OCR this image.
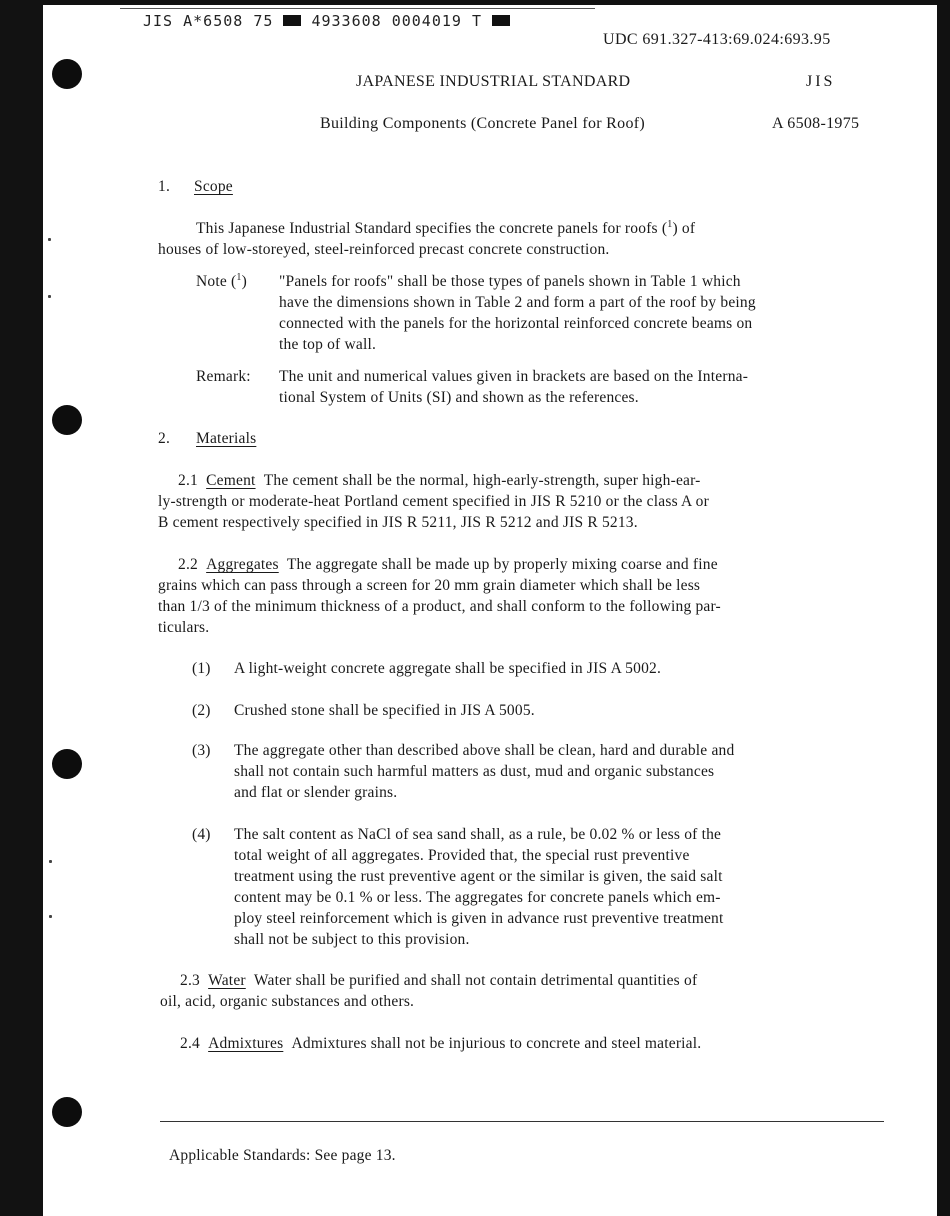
JIS A*6508 75	4933608 0004019 T
UDC 691.327-413:69.024:693.95
JAPANESE INDUSTRIAL STANDARD	JIS
Building Components (Concrete Panel for Roof)	A 6508-1975
1. Scope
This Japanese Industrial Standard specifies the concrete panels for roofs ($^1$) of
houses of low-storeyed, steel-reinforced precast concrete construction.
Note ($^1$) "Panels for roofs" shall be those types of panels shown in Table 1 which
have the dimensions shown in Table 2 and form a part of the roof by being
connected with the panels for the horizontal reinforced concrete beams on
the top of wall.
Remark: The unit and numerical values given in brackets are based on the Interna-
tional System of Units (SI) and shown as the references.
2. Materials
2.1 Cement The cement shall be the normal, high-early-strength, super high-ear-
ly-strength or moderate-heat Portland cement specified in JIS R 5210 or the class A or
B cement respectively specified in JIS R 5211, JIS R 5212 and JIS R 5213.
2.2 Aggregates The aggregate shall be made up by properly mixing coarse and fine
grains which can pass through a screen for 20 mm grain diameter which shall be less
than 1/3 of the minimum thickness of a product, and shall conform to the following par-
ticulars.
(1) A light-weight concrete aggregate shall be specified in JIS A 5002.
(2) Crushed stone shall be specified in JIS A 5005.
(3) The aggregate other than described above shall be clean, hard and durable and
shall not contain such harmful matters as dust, mud and organic substances
and flat or slender grains.
(4) The salt content as NaCl of sea sand shall, as a rule, be 0.02 % or less of the
total weight of all aggregates. Provided that, the special rust preventive
treatment using the rust preventive agent or the similar is given, the said salt
content may be 0.1 % or less. The aggregates for concrete panels which em-
ploy steel reinforcement which is given in advance rust preventive treatment
shall not be subject to this provision.
2.3 Water Water shall be purified and shall not contain detrimental quantities of
oil, acid, organic substances and others.
2.4 Admixtures Admixtures shall not be injurious to concrete and steel material.
Applicable Standards: See page 13.
